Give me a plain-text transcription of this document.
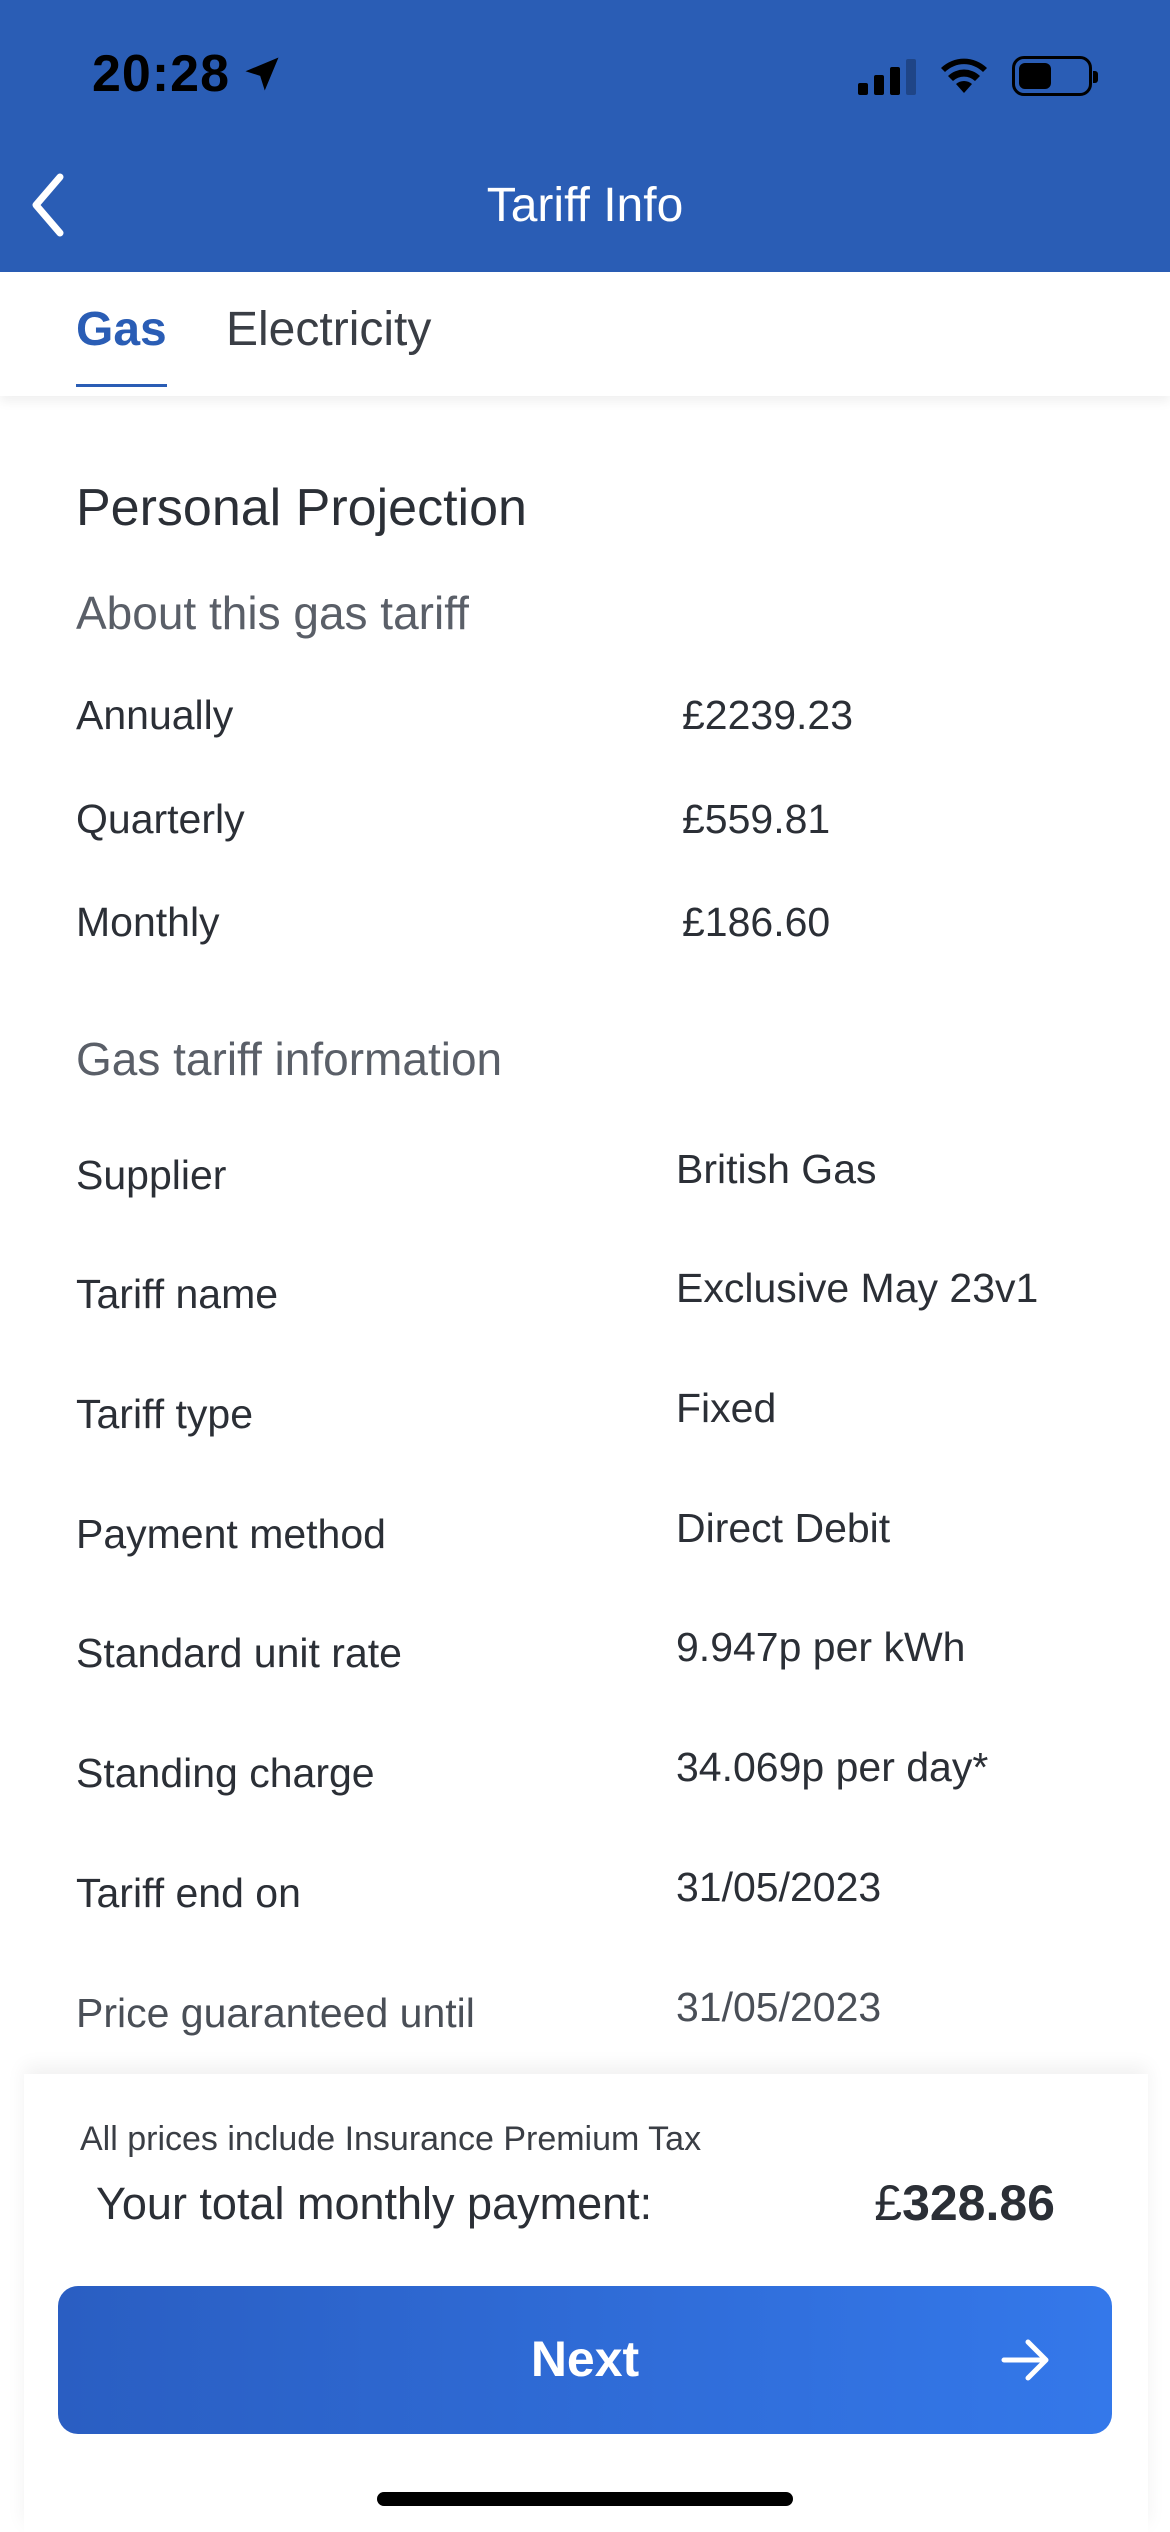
20:28
Tariff Info
Gas Electricity
Personal Projection
About this gas tariff
Annually	£2239.23
Quarterly	£559.81
Monthly	£186.60
Gas tariff information
Supplier	British Gas
Tariff name	Exclusive May 23v1
Tariff type	Fixed
Payment method	Direct Debit
Standard unit rate	9.947p per kWh
Standing charge	34.069p per day*
Tariff end on	31/05/2023
Price guaranteed until	31/05/2023
All prices include Insurance Premium Tax
Your total monthly payment:	£328.86
Next
